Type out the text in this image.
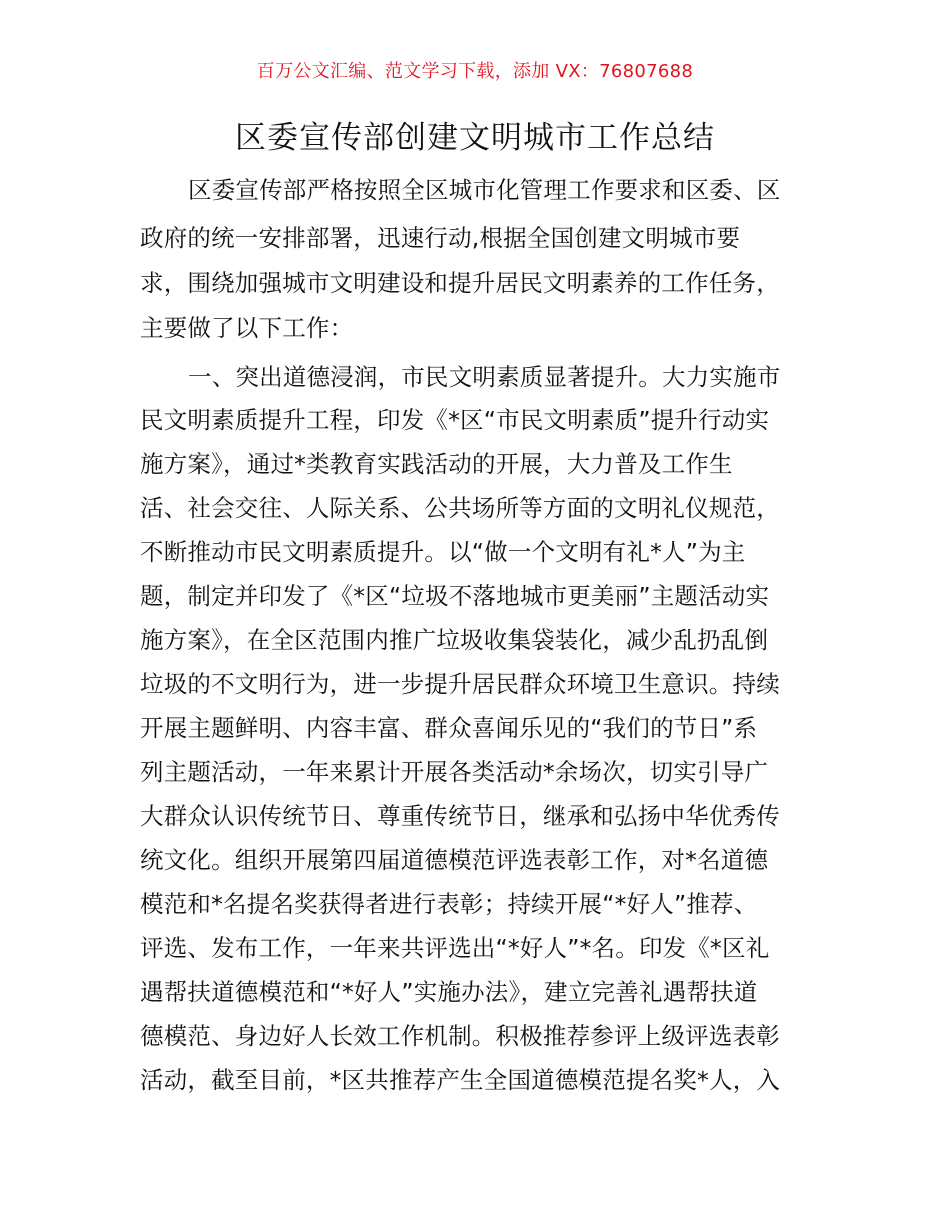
百万公文汇编、范文学习下载，添加 VX：76807688
区委宣传部创建文明城市工作总结
区委宣传部严格按照全区城市化管理工作要求和区委、区
政府的统一安排部署，迅速行动,根据全国创建文明城市要
求，围绕加强城市文明建设和提升居民文明素养的工作任务，
主要做了以下工作：
一、突出道德浸润，市民文明素质显著提升。大力实施市
民文明素质提升工程，印发《*区“市民文明素质”提升行动实
施方案》，通过*类教育实践活动的开展，大力普及工作生
活、社会交往、人际关系、公共场所等方面的文明礼仪规范，
不断推动市民文明素质提升。以“做一个文明有礼*人”为主
题，制定并印发了《*区“垃圾不落地城市更美丽”主题活动实
施方案》，在全区范围内推广垃圾收集袋装化，减少乱扔乱倒
垃圾的不文明行为，进一步提升居民群众环境卫生意识。持续
开展主题鲜明、内容丰富、群众喜闻乐见的“我们的节日”系
列主题活动，一年来累计开展各类活动*余场次，切实引导广
大群众认识传统节日、尊重传统节日，继承和弘扬中华优秀传
统文化。组织开展第四届道德模范评选表彰工作，对*名道德
模范和*名提名奖获得者进行表彰；持续开展“*好人”推荐、
评选、发布工作，一年来共评选出“*好人”*名。印发《*区礼
遇帮扶道德模范和“*好人”实施办法》，建立完善礼遇帮扶道
德模范、身边好人长效工作机制。积极推荐参评上级评选表彰
活动，截至目前，*区共推荐产生全国道德模范提名奖*人，入
